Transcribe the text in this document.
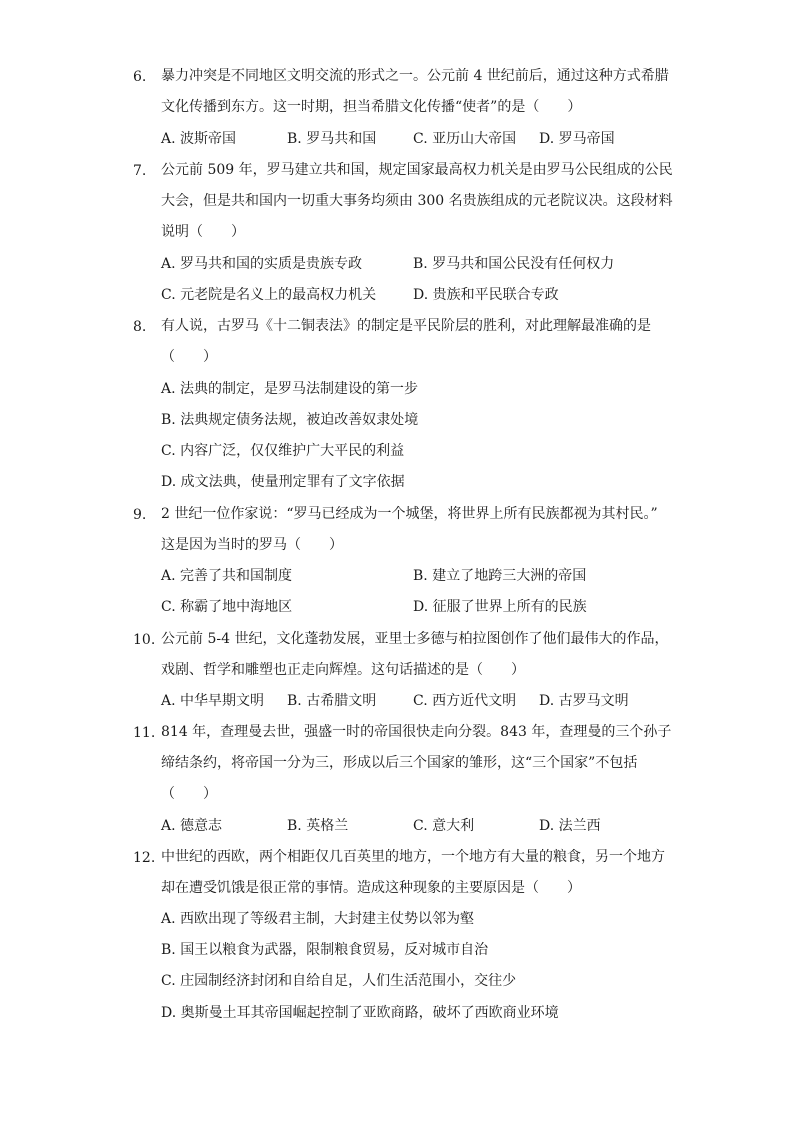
6. 暴力冲突是不同地区文明交流的形式之一。公元前 4 世纪前后，通过这种方式希腊
文化传播到东方。这一时期，担当希腊文化传播“使者”的是（　　）
A. 波斯帝国	B. 罗马共和国	C. 亚历山大帝国 D. 罗马帝国
7. 公元前 509 年，罗马建立共和国，规定国家最高权力机关是由罗马公民组成的公民
大会，但是共和国内一切重大事务均须由 300 名贵族组成的元老院议决。这段材料
说明（　　）
A. 罗马共和国的实质是贵族专政	B. 罗马共和国公民没有任何权力
C. 元老院是名义上的最高权力机关	D. 贵族和平民联合专政
8. 有人说，古罗马《十二铜表法》的制定是平民阶层的胜利，对此理解最准确的是
（　　）
A. 法典的制定，是罗马法制建设的第一步
B. 法典规定债务法规，被迫改善奴隶处境
C. 内容广泛，仅仅维护广大平民的利益
D. 成文法典，使量刑定罪有了文字依据
9. 2 世纪一位作家说：“罗马已经成为一个城堡，将世界上所有民族都视为其村民。”
这是因为当时的罗马（　　）
A. 完善了共和国制度	B. 建立了地跨三大洲的帝国
C. 称霸了地中海地区	D. 征服了世界上所有的民族
10. 公元前 5-4 世纪，文化蓬勃发展，亚里士多德与柏拉图创作了他们最伟大的作品，
戏剧、哲学和雕塑也正走向辉煌。这句话描述的是（　　）
A. 中华早期文明 B. 古希腊文明	C. 西方近代文明 D. 古罗马文明
11. 814 年，查理曼去世，强盛一时的帝国很快走向分裂。843 年，查理曼的三个孙子
缔结条约，将帝国一分为三，形成以后三个国家的雏形，这“三个国家”不包括
（　　）
A. 德意志	B. 英格兰	C. 意大利	D. 法兰西
12. 中世纪的西欧，两个相距仅几百英里的地方，一个地方有大量的粮食，另一个地方
却在遭受饥饿是很正常的事情。造成这种现象的主要原因是（　　）
A. 西欧出现了等级君主制，大封建主仗势以邻为壑
B. 国王以粮食为武器，限制粮食贸易，反对城市自治
C. 庄园制经济封闭和自给自足，人们生活范围小，交往少
D. 奥斯曼土耳其帝国崛起控制了亚欧商路，破坏了西欧商业环境
